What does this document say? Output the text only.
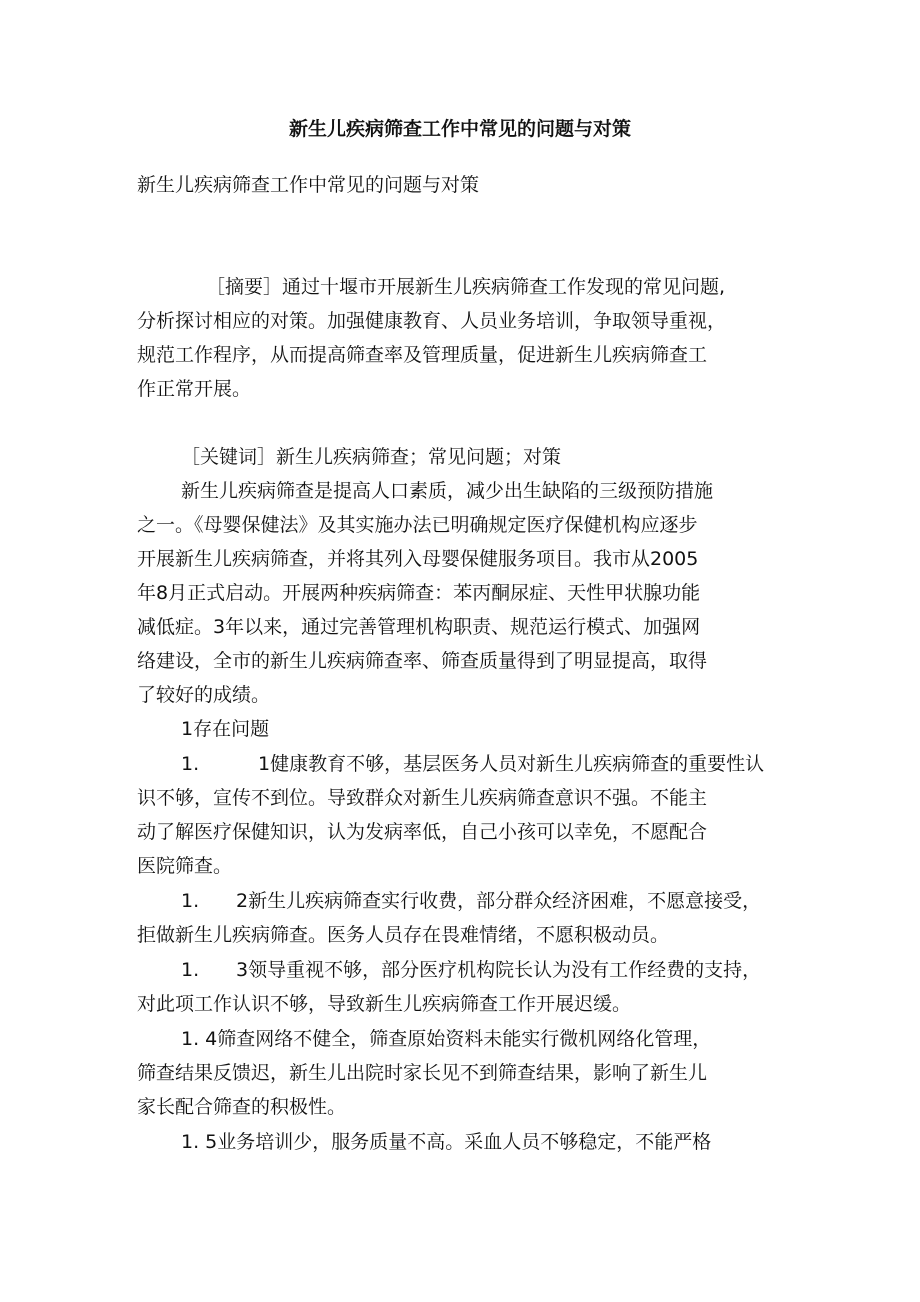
新生儿疾病筛查工作中常见的问题与对策
新生儿疾病筛查工作中常见的问题与对策
［摘要］通过十堰市开展新生儿疾病筛查工作发现的常见问题,
分析探讨相应的对策。加强健康教育、人员业务培训，争取领导重视，
规范工作程序，从而提高筛查率及管理质量，促进新生儿疾病筛查工
作正常开展。
［关键词］新生儿疾病筛查；常见问题；对策
新生儿疾病筛查是提高人口素质，减少出生缺陷的三级预防措施
之一。《母婴保健法》及其实施办法已明确规定医疗保健机构应逐步
开展新生儿疾病筛查，并将其列入母婴保健服务项目。我市从2005
年8月正式启动。开展两种疾病筛查：苯丙酮尿症、天性甲状腺功能
减低症。3年以来，通过完善管理机构职责、规范运行模式、加强网
络建设，全市的新生儿疾病筛查率、筛查质量得到了明显提高，取得
了较好的成绩。
1存在问题
1.	1健康教育不够，基层医务人员对新生儿疾病筛查的重要性认
识不够，宣传不到位。导致群众对新生儿疾病筛查意识不强。不能主
动了解医疗保健知识，认为发病率低，自己小孩可以幸免，不愿配合
医院筛查。
1. 2新生儿疾病筛查实行收费，部分群众经济困难，不愿意接受，
拒做新生儿疾病筛查。医务人员存在畏难情绪，不愿积极动员。
1. 3领导重视不够，部分医疗机构院长认为没有工作经费的支持，
对此项工作认识不够，导致新生儿疾病筛查工作开展迟缓。
1. 4筛查网络不健全，筛查原始资料未能实行微机网络化管理，
筛查结果反馈迟，新生儿出院时家长见不到筛查结果，影响了新生儿
家长配合筛查的积极性。
1. 5业务培训少，服务质量不高。采血人员不够稳定，不能严格
